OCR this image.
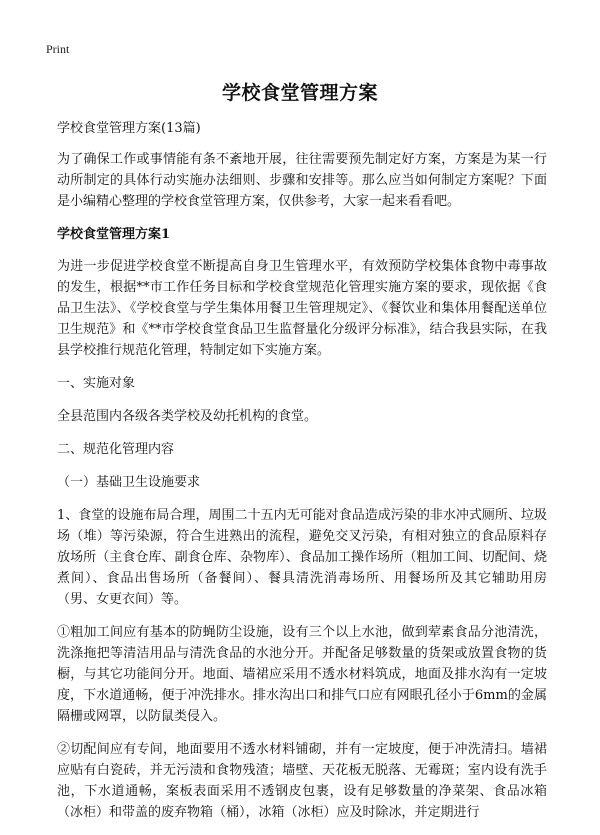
Print
学校食堂管理方案

学校食堂管理方案(13篇)

为了确保工作或事情能有条不紊地开展，往往需要预先制定好方案，方案是为某一行动所制定的具体行动实施办法细则、步骤和安排等。那么应当如何制定方案呢？下面是小编精心整理的学校食堂管理方案，仅供参考，大家一起来看看吧。

学校食堂管理方案1

为进一步促进学校食堂不断提高自身卫生管理水平，有效预防学校集体食物中毒事故的发生，根据**市工作任务目标和学校食堂规范化管理实施方案的要求，现依据《食品卫生法》、《学校食堂与学生集体用餐卫生管理规定》、《餐饮业和集体用餐配送单位卫生规范》和《**市学校食堂食品卫生监督量化分级评分标准》，结合我县实际，在我县学校推行规范化管理，特制定如下实施方案。

一、实施对象

全县范围内各级各类学校及幼托机构的食堂。

二、规范化管理内容

（一）基础卫生设施要求

1、食堂的设施布局合理，周围二十五内无可能对食品造成污染的非水冲式厕所、垃圾场（堆）等污染源，符合生进熟出的流程，避免交叉污染，有相对独立的食品原料存放场所（主食仓库、副食仓库、杂物库）、食品加工操作场所（粗加工间、切配间、烧煮间）、食品出售场所（备餐间）、餐具清洗消毒场所、用餐场所及其它辅助用房（男、女更衣间）等。

①粗加工间应有基本的防蝇防尘设施，设有三个以上水池，做到荤素食品分池清洗，洗涤拖把等清洁用品与清洗食品的水池分开。并配备足够数量的货架或放置食物的货橱，与其它功能间分开。地面、墙裙应采用不透水材料筑成，地面及排水沟有一定坡度，下水道通畅，便于冲洗排水。排水沟出口和排气口应有网眼孔径小于6mm的金属隔栅或网罩，以防鼠类侵入。

②切配间应有专间，地面要用不透水材料铺砌，并有一定坡度，便于冲洗清扫。墙裙应贴有白瓷砖，并无污渍和食物残渣；墙壁、天花板无脱落、无霉斑；室内设有洗手池，下水道通畅，案板表面采用不透钢皮包裹，设有足够数量的净菜架、食品冰箱（冰柜）和带盖的废弃物箱（桶），冰箱（冰柜）应及时除冰，并定期进行
